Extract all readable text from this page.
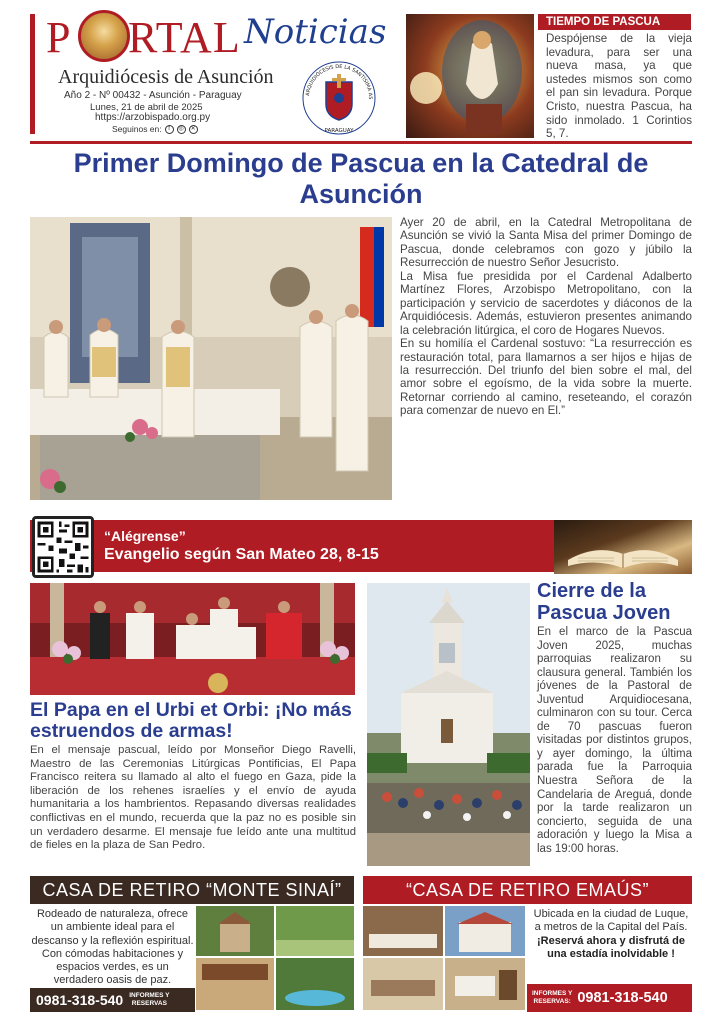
P RTAL Noticias
Arquidiócesis de Asunción
Año 2 - Nº 00432 - Asunción - Paraguay
Lunes, 21 de abril de 2025
https://arzobispado.org.py
Seguinos en:	f	◎	✕
ARQUIDIÓCESIS DE LA SANTÍSIMA AS
PARAGUAY
TIEMPO DE PASCUA
Despójense de la vieja levadura, para ser una nueva masa, ya que ustedes mismos son como el pan sin levadura. Porque Cristo, nuestra Pascua, ha sido inmolado. 1 Corintios 5, 7.
Primer Domingo de Pascua en la Catedral de Asunción

Ayer 20 de abril, en la Catedral Metropolitana de Asunción se vivió la Santa Misa del primer Domingo de Pascua, donde celebramos con gozo y júbilo la Resurrección de nuestro Señor Jesucristo.

La Misa fue presidida por el Cardenal Adalberto Martínez Flores, Arzobispo Metropolitano, con la participación y servicio de sacerdotes y diáconos de la Arquidiócesis. Además, estuvieron presentes animando la celebración litúrgica, el coro de Hogares Nuevos.

En su homilía el Cardenal sostuvo: “La resurrección es restauración total, para llamarnos a ser hijos e hijas de la resurrección. Del triunfo del bien sobre el mal, del amor sobre el egoísmo, de la vida sobre la muerte. Retornar corriendo al camino, reseteando, el corazón para comenzar de nuevo en El.”

“Alégrense”
Evangelio según San Mateo 28, 8-15
El Papa en el Urbi et Orbi: ¡No más estruendos de armas!
En el mensaje pascual, leído por Monseñor Diego Ravelli, Maestro de las Ceremonias Litúrgicas Pontificias, El Papa Francisco reitera su llamado al alto el fuego en Gaza, pide la liberación de los rehenes israelíes y el envío de ayuda humanitaria a los hambrientos. Repasando diversas realidades conflictivas en el mundo, recuerda que la paz no es posible sin un verdadero desarme. El mensaje fue leído ante una multitud de fieles en la plaza de San Pedro.
Cierre de la Pascua Joven
En el marco de la Pascua Joven 2025, muchas parroquias realizaron su clausura general. También los jóvenes de la Pastoral de Juventud Arquidiocesana, culminaron con su tour. Cerca de 70 pascuas fueron visitadas por distintos grupos, y ayer domingo, la última parada fue la Parroquia Nuestra Señora de la Candelaria de Areguá, donde por la tarde realizaron un concierto, seguida de una adoración y luego la Misa a las 19:00 horas.
CASA DE RETIRO “MONTE SINAÍ”
Rodeado de naturaleza, ofrece un ambiente ideal para el descanso y la reflexión espiritual. Con cómodas habitaciones y espacios verdes, es un verdadero oasis de paz.
0981-318-540 INFORMES Y
RESERVAS
“CASA DE RETIRO EMAÚS”
Ubicada en la ciudad de Luque, a metros de la Capital del País. ¡Reservá ahora y disfrutá de una estadía inolvidable !
INFORMES Y
RESERVAS: 0981-318-540
